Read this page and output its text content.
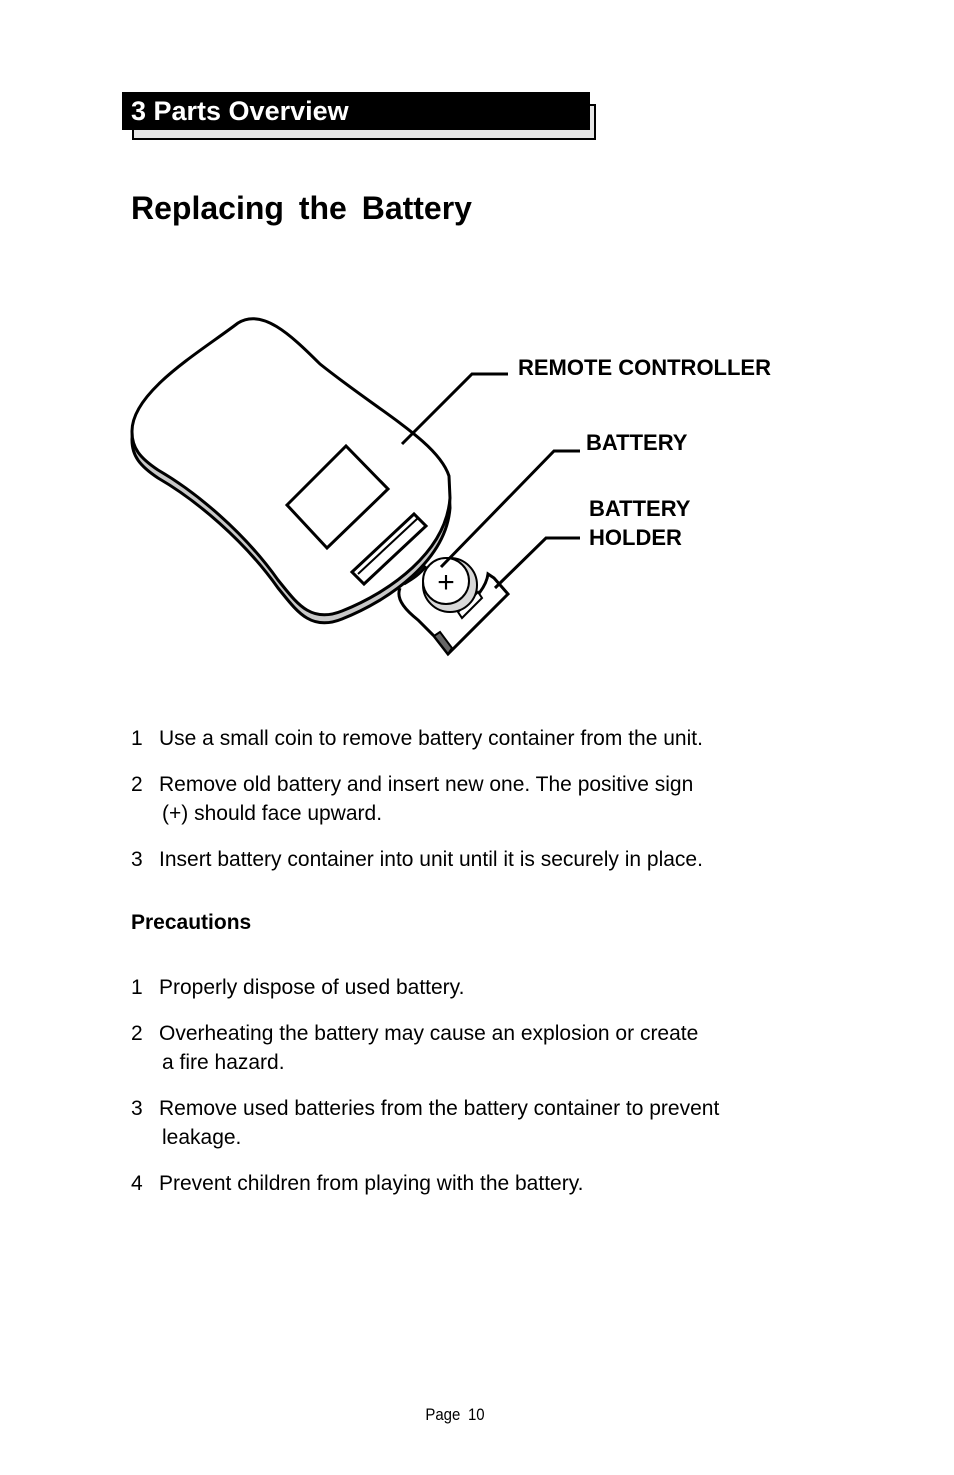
3 Parts Overview
Replacing the Battery
+
REMOTE CONTROLLER
BATTERY
BATTERY
HOLDER
1 Use a small coin to remove battery container from the unit.
2 Remove old battery and insert new one. The positive sign
(+) should face upward.
3 Insert battery container into unit until it is securely in place.
Precautions
1 Properly dispose of used battery.
2 Overheating the battery may cause an explosion or create
a fire hazard.
3 Remove used batteries from the battery container to prevent
leakage.
4 Prevent children from playing with the battery.
Page 10
